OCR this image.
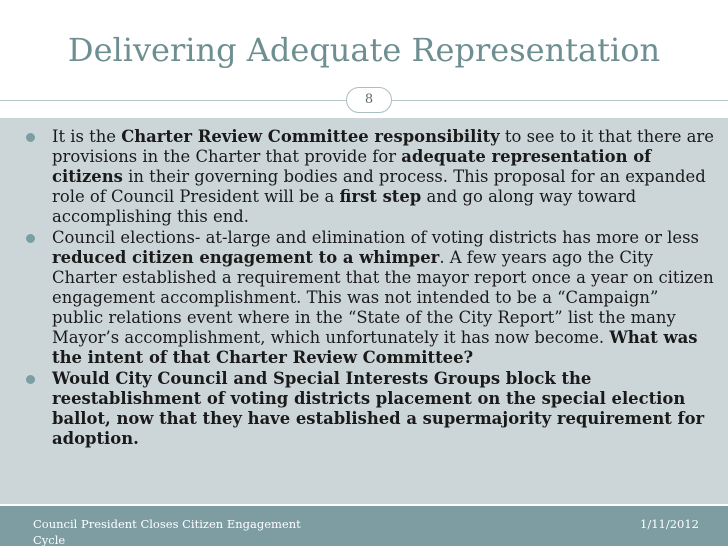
Delivering Adequate Representation
8
It is the Charter Review Committee responsibility to see to it that there are provisions in the Charter that provide for adequate representation of citizens in their governing bodies and process. This proposal for an expanded role of Council President will be a first step and go along way toward accomplishing this end.
Council elections- at-large and elimination of voting districts has more or less reduced citizen engagement to a whimper. A few years ago the City Charter established a requirement that the mayor report once a year on citizen engagement accomplishment. This was not intended to be a “Campaign” public relations event where in the “State of the City Report” list the many Mayor’s accomplishment, which unfortunately it has now become. What was the intent of that Charter Review Committee?
Would City Council and Special Interests Groups block the reestablishment of voting districts placement on the special election ballot, now that they have established a supermajority requirement for adoption.
Council President Closes Citizen Engagement
Cycle
1/11/2012
